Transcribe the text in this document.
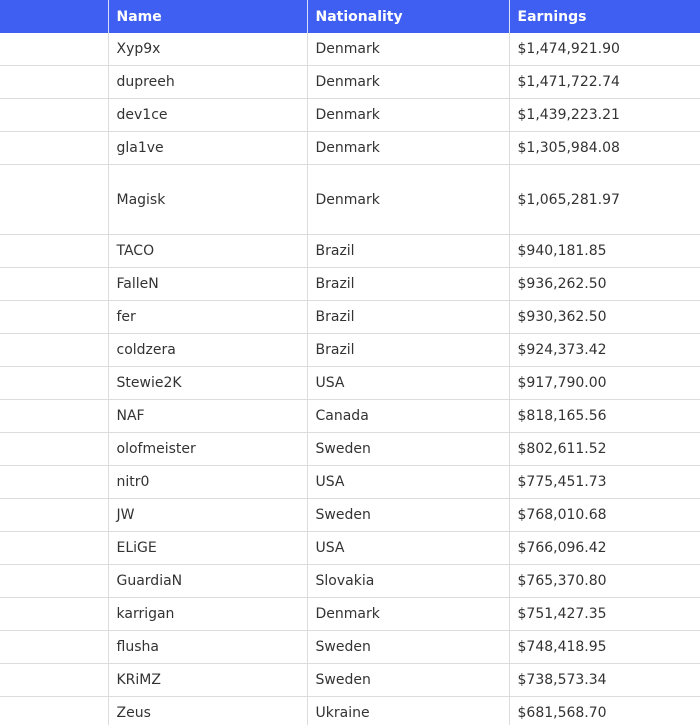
	Name	Nationality	Earnings
	Xyp9x	Denmark	$1,474,921.90
	dupreeh	Denmark	$1,471,722.74
	dev1ce	Denmark	$1,439,223.21
	gla1ve	Denmark	$1,305,984.08
	Magisk	Denmark	$1,065,281.97
	TACO	Brazil	$940,181.85
	FalleN	Brazil	$936,262.50
	fer	Brazil	$930,362.50
	coldzera	Brazil	$924,373.42
	Stewie2K	USA	$917,790.00
	NAF	Canada	$818,165.56
	olofmeister	Sweden	$802,611.52
	nitr0	USA	$775,451.73
	JW	Sweden	$768,010.68
	ELiGE	USA	$766,096.42
	GuardiaN	Slovakia	$765,370.80
	karrigan	Denmark	$751,427.35
	flusha	Sweden	$748,418.95
	KRiMZ	Sweden	$738,573.34
	Zeus	Ukraine	$681,568.70
